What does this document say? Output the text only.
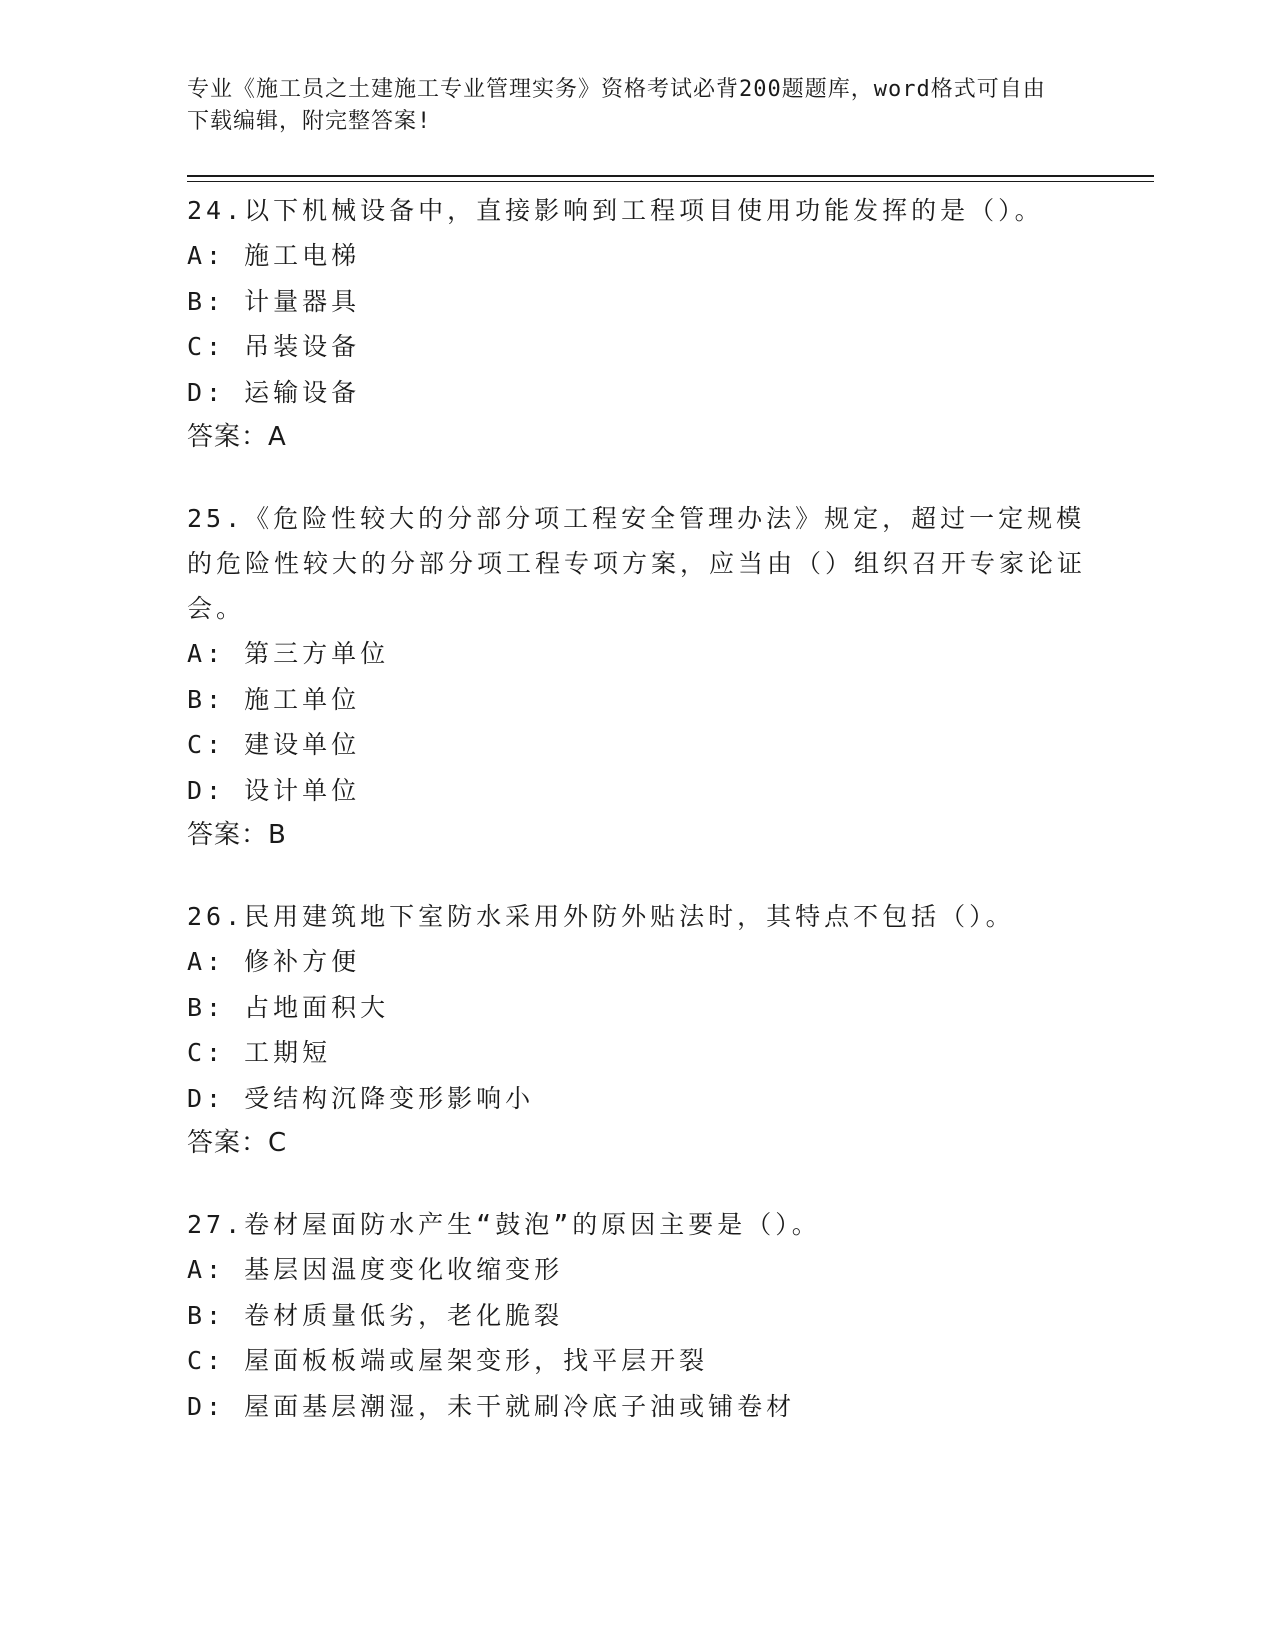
专业《施工员之土建施工专业管理实务》资格考试必背200题题库，word格式可自由下载编辑，附完整答案!
24.以下机械设备中，直接影响到工程项目使用功能发挥的是（）。
A: 施工电梯
B: 计量器具
C: 吊装设备
D: 运输设备
答案：A
25.《危险性较大的分部分项工程安全管理办法》规定，超过一定规模的危险性较大的分部分项工程专项方案，应当由（）组织召开专家论证会。
A: 第三方单位
B: 施工单位
C: 建设单位
D: 设计单位
答案：B
26.民用建筑地下室防水采用外防外贴法时，其特点不包括（）。
A: 修补方便
B: 占地面积大
C: 工期短
D: 受结构沉降变形影响小
答案：C
27.卷材屋面防水产生“鼓泡”的原因主要是（）。
A: 基层因温度变化收缩变形
B: 卷材质量低劣，老化脆裂
C: 屋面板板端或屋架变形，找平层开裂
D: 屋面基层潮湿，未干就刷冷底子油或铺卷材
